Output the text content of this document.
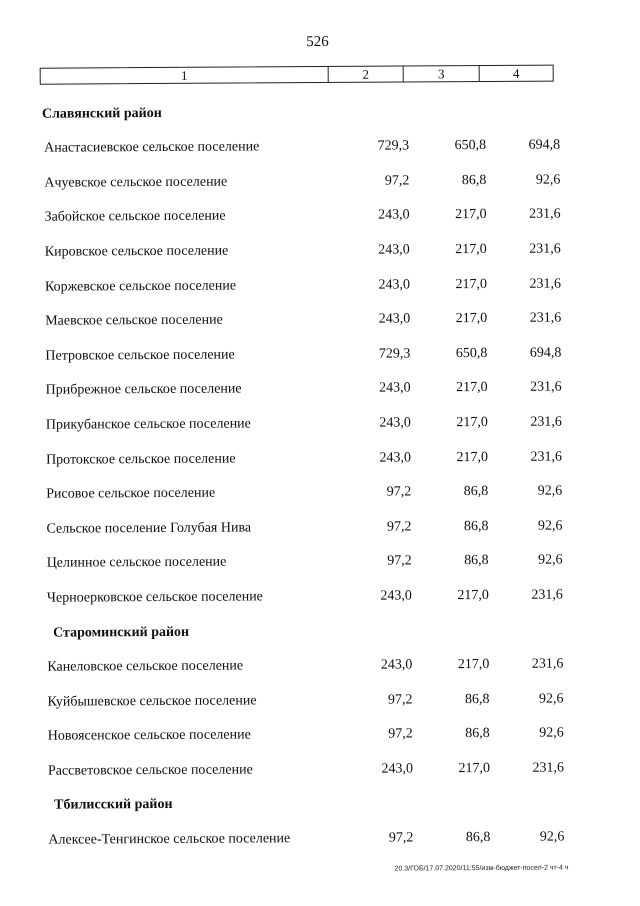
526
1	2	3	4
Славянский район
Анастасиевское сельское поселение	729,3	650,8	694,8
Ачуевское сельское поселение	97,2	86,8	92,6
Забойское сельское поселение	243,0	217,0	231,6
Кировское сельское поселение	243,0	217,0	231,6
Коржевское сельское поселение	243,0	217,0	231,6
Маевское сельское поселение	243,0	217,0	231,6
Петровское сельское поселение	729,3	650,8	694,8
Прибрежное сельское поселение	243,0	217,0	231,6
Прикубанское сельское поселение	243,0	217,0	231,6
Протокское сельское поселение	243,0	217,0	231,6
Рисовое сельское поселение	97,2	86,8	92,6
Сельское поселение Голубая Нива	97,2	86,8	92,6
Целинное сельское поселение	97,2	86,8	92,6
Черноерковское сельское поселение	243,0	217,0	231,6
Староминский район
Канеловское сельское поселение	243,0	217,0	231,6
Куйбышевское сельское поселение	97,2	86,8	92,6
Новоясенское сельское поселение	97,2	86,8	92,6
Рассветовское сельское поселение	243,0	217,0	231,6
Тбилисский район
Алексее-Тенгинское сельское поселение	97,2	86,8	92,6
20.3/ГОБ/17.07.2020/11:55/изм-бюджет-посел-2 чт-4 ч
